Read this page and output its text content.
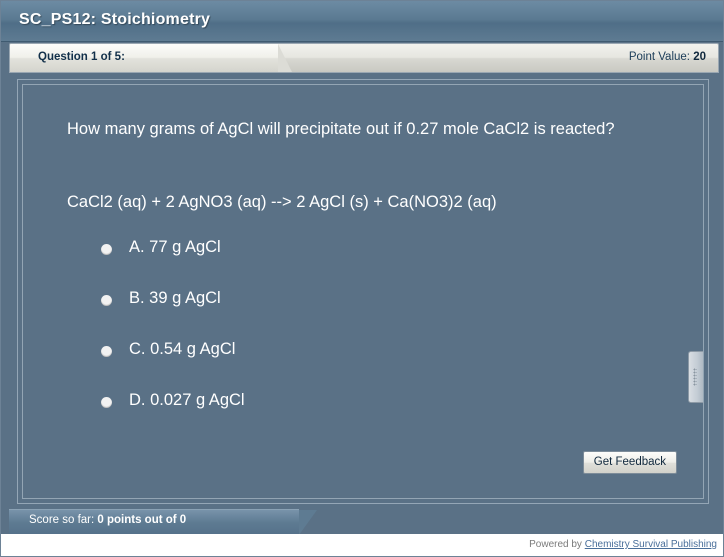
SC_PS12: Stoichiometry
Question 1 of 5:	Point Value: 20
How many grams of AgCl will precipitate out if 0.27 mole CaCl2 is reacted?
CaCl2 (aq) + 2 AgNO3 (aq) --> 2 AgCl (s) + Ca(NO3)2 (aq)
A. 77 g AgCl
B. 39 g AgCl
C. 0.54 g AgCl
D. 0.027 g AgCl
Get Feedback
Score so far: 0 points out of 0
Powered by Chemistry Survival Publishing
